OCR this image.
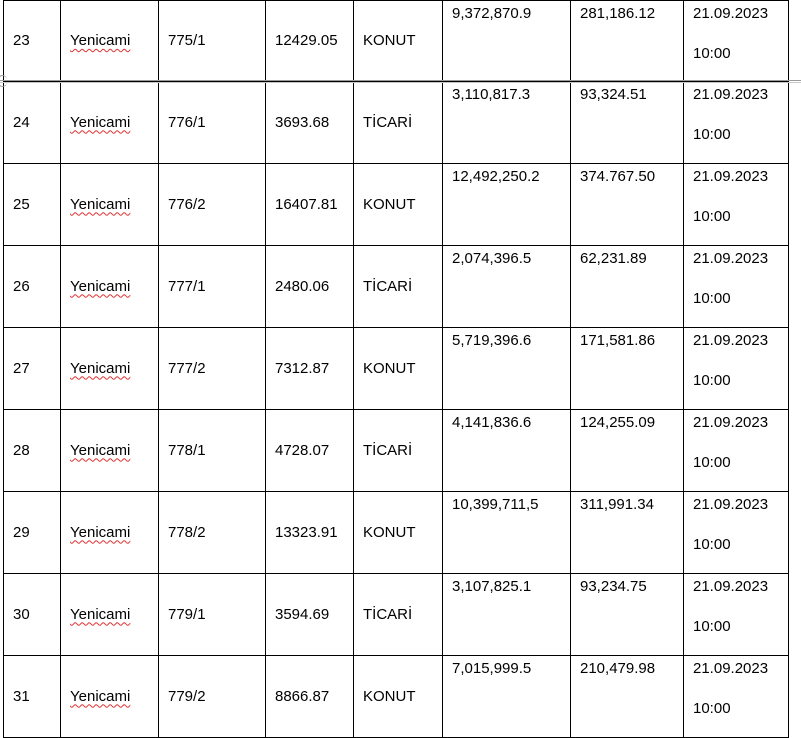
23	Yenicami	775/1	12429.05	KONUT	9,372,870.9	281,186.12	21.09.2023
10:00

24	Yenicami	776/1	3693.68	TİCARİ	3,110,817.3	93,324.51	21.09.2023
10:00

25	Yenicami	776/2	16407.81	KONUT	12,492,250.2	374.767.50	21.09.2023
10:00

26	Yenicami	777/1	2480.06	TİCARİ	2,074,396.5	62,231.89	21.09.2023
10:00

27	Yenicami	777/2	7312.87	KONUT	5,719,396.6	171,581.86	21.09.2023
10:00

28	Yenicami	778/1	4728.07	TİCARİ	4,141,836.6	124,255.09	21.09.2023
10:00

29	Yenicami	778/2	13323.91	KONUT	10,399,711,5	311,991.34	21.09.2023
10:00

30	Yenicami	779/1	3594.69	TİCARİ	3,107,825.1	93,234.75	21.09.2023
10:00

31	Yenicami	779/2	8866.87	KONUT	7,015,999.5	210,479.98	21.09.2023
10:00
